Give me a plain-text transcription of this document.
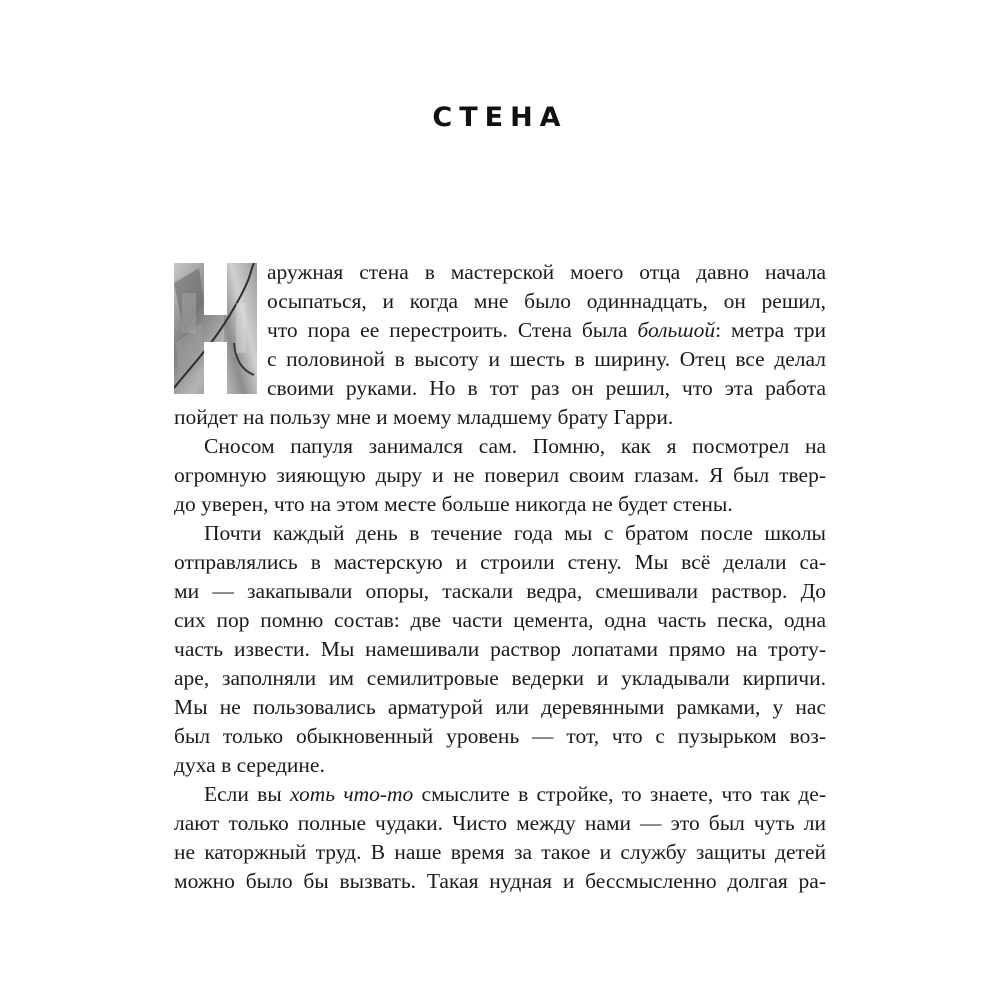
СТЕНА
аружная стена в мастерской моего отца давно начала
осыпаться, и когда мне было одиннадцать, он решил,
что пора ее перестроить. Стена была большой: метра три
с половиной в высоту и шесть в ширину. Отец все делал
своими руками. Но в тот раз он решил, что эта работа
пойдет на пользу мне и моему младшему брату Гарри.
Сносом папуля занимался сам. Помню, как я посмотрел на
огромную зияющую дыру и не поверил своим глазам. Я был твер-
до уверен, что на этом месте больше никогда не будет стены.
Почти каждый день в течение года мы с братом после школы
отправлялись в мастерскую и строили стену. Мы всё делали са-
ми — закапывали опоры, таскали ведра, смешивали раствор. До
сих пор помню состав: две части цемента, одна часть песка, одна
часть извести. Мы намешивали раствор лопатами прямо на троту-
аре, заполняли им семилитровые ведерки и укладывали кирпичи.
Мы не пользовались арматурой или деревянными рамками, у нас
был только обыкновенный уровень — тот, что с пузырьком воз-
духа в середине.
Если вы хоть что-то смыслите в стройке, то знаете, что так де-
лают только полные чудаки. Чисто между нами — это был чуть ли
не каторжный труд. В наше время за такое и службу защиты детей
можно было бы вызвать. Такая нудная и бессмысленно долгая ра-
